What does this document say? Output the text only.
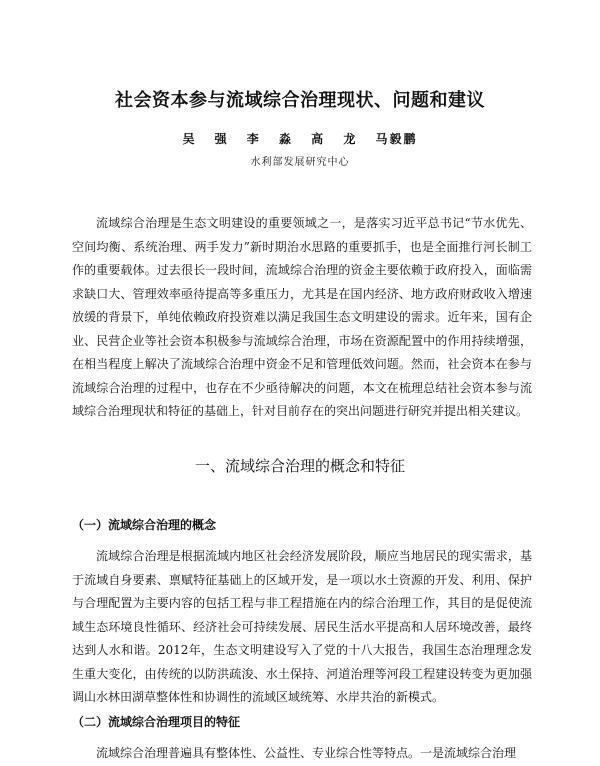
社会资本参与流域综合治理现状、问题和建议
吴 强 李 淼 高 龙 马毅鹏
水利部发展研究中心

流域综合治理是生态文明建设的重要领域之一，是落实习近平总书记“节水优先、空间均衡、系统治理、两手发力”新时期治水思路的重要抓手，也是全面推行河长制工作的重要载体。过去很长一段时间，流域综合治理的资金主要依赖于政府投入，面临需求缺口大、管理效率亟待提高等多重压力，尤其是在国内经济、地方政府财政收入增速放缓的背景下，单纯依赖政府投资难以满足我国生态文明建设的需求。近年来，国有企业、民营企业等社会资本积极参与流域综合治理，市场在资源配置中的作用持续增强，在相当程度上解决了流域综合治理中资金不足和管理低效问题。然而，社会资本在参与流域综合治理的过程中，也存在不少亟待解决的问题，本文在梳理总结社会资本参与流域综合治理现状和特征的基础上，针对目前存在的突出问题进行研究并提出相关建议。

一、流域综合治理的概念和特征
（一）流域综合治理的概念

流域综合治理是根据流域内地区社会经济发展阶段，顺应当地居民的现实需求，基于流域自身要素、禀赋特征基础上的区域开发，是一项以水土资源的开发、利用、保护与合理配置为主要内容的包括工程与非工程措施在内的综合治理工作，其目的是促使流域生态环境良性循环、经济社会可持续发展、居民生活水平提高和人居环境改善，最终达到人水和谐。2012年，生态文明建设写入了党的十八大报告，我国生态治理理念发生重大变化，由传统的以防洪疏浚、水土保持、河道治理等河段工程建设转变为更加强调山水林田湖草整体性和协调性的流域区域统筹、水岸共治的新模式。

（二）流域综合治理项目的特征

流域综合治理普遍具有整体性、公益性、专业综合性等特点。一是流域综合治理
